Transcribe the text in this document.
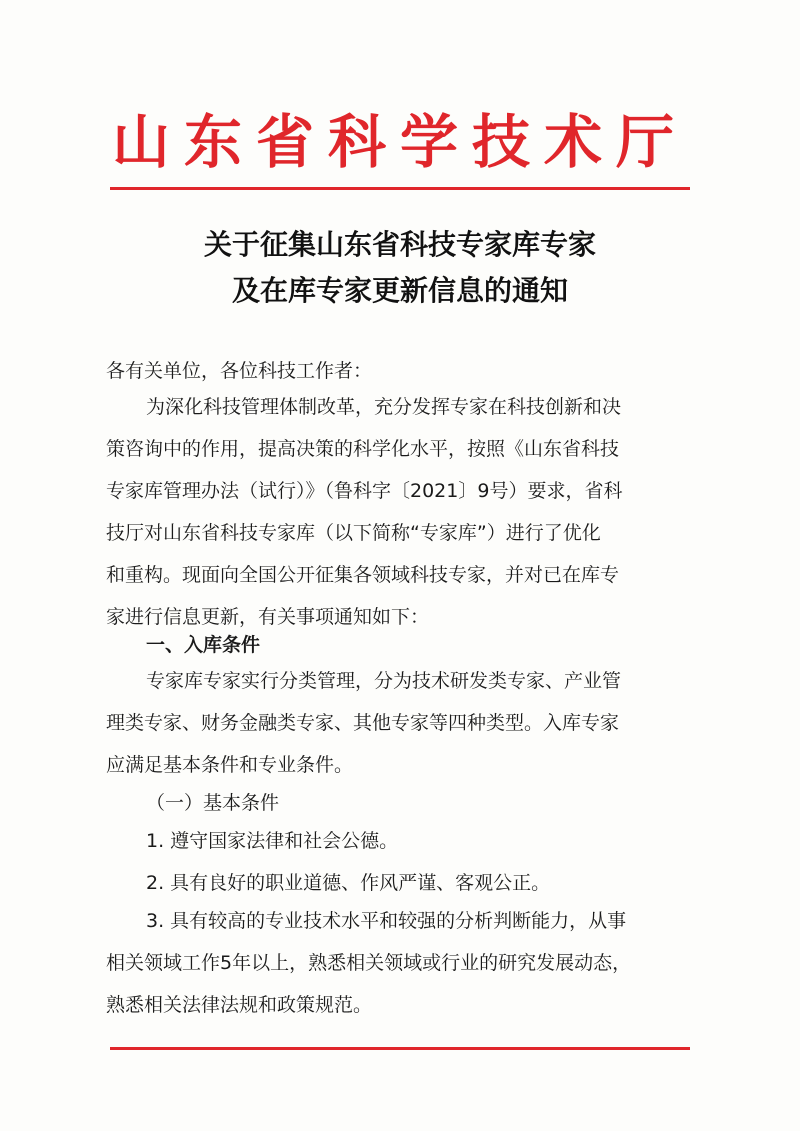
山东省科学技术厅
关于征集山东省科技专家库专家
及在库专家更新信息的通知
各有关单位，各位科技工作者：
为深化科技管理体制改革，充分发挥专家在科技创新和决
策咨询中的作用，提高决策的科学化水平，按照《山东省科技
专家库管理办法（试行）》（鲁科字〔2021〕9号）要求，省科
技厅对山东省科技专家库（以下简称“专家库”）进行了优化
和重构。现面向全国公开征集各领域科技专家，并对已在库专
家进行信息更新，有关事项通知如下：
一、入库条件
专家库专家实行分类管理，分为技术研发类专家、产业管
理类专家、财务金融类专家、其他专家等四种类型。入库专家
应满足基本条件和专业条件。
（一）基本条件
1. 遵守国家法律和社会公德。
2. 具有良好的职业道德、作风严谨、客观公正。
3. 具有较高的专业技术水平和较强的分析判断能力，从事
相关领域工作5年以上，熟悉相关领域或行业的研究发展动态，
熟悉相关法律法规和政策规范。
